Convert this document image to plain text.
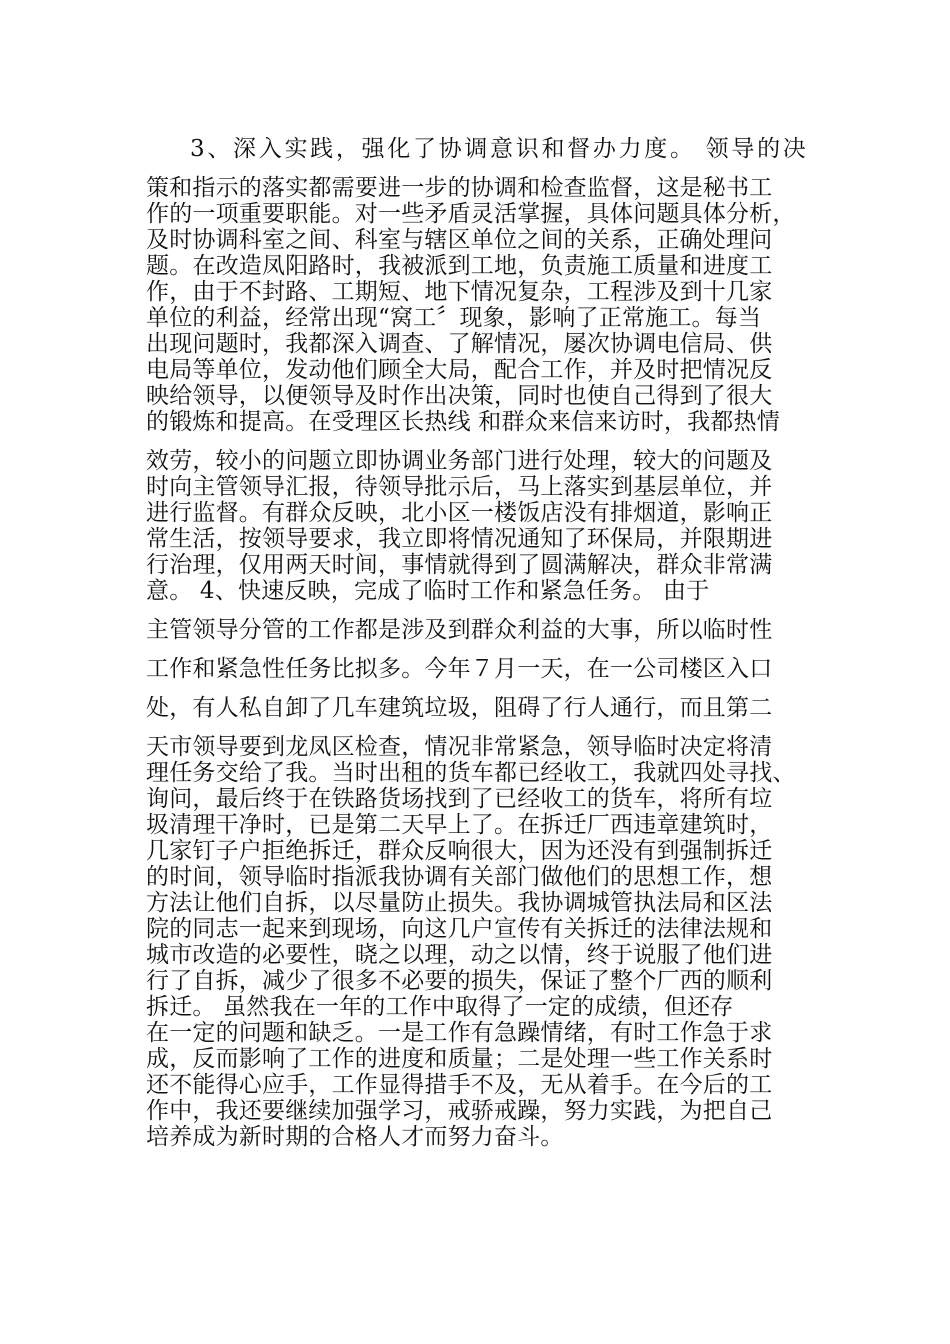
3、深入实践，强化了协调意识和督办力度。 领导的决
策和指示的落实都需要进一步的协调和检查监督，这是秘书工
作的一项重要职能。对一些矛盾灵活掌握，具体问题具体分析，
及时协调科室之间、科室与辖区单位之间的关系，正确处理问
题。在改造凤阳路时，我被派到工地，负责施工质量和进度工
作，由于不封路、工期短、地下情况复杂，工程涉及到十几家
单位的利益，经常出现“窝工〞现象，影响了正常施工。每当
出现问题时，我都深入调查、了解情况，屡次协调电信局、供
电局等单位，发动他们顾全大局，配合工作，并及时把情况反
映给领导，以便领导及时作出决策，同时也使自己得到了很大
的锻炼和提高。在受理区长热线 和群众来信来访时，我都热情
效劳，较小的问题立即协调业务部门进行处理，较大的问题及
时向主管领导汇报，待领导批示后，马上落实到基层单位，并
进行监督。有群众反映，北小区一楼饭店没有排烟道，影响正
常生活，按领导要求，我立即将情况通知了环保局，并限期进
行治理，仅用两天时间，事情就得到了圆满解决，群众非常满
意。 4、快速反映，完成了临时工作和紧急任务。 由于
主管领导分管的工作都是涉及到群众利益的大事，所以临时性
工作和紧急性任务比拟多。今年７月一天，在一公司楼区入口
处，有人私自卸了几车建筑垃圾，阻碍了行人通行，而且第二
天市领导要到龙凤区检查，情况非常紧急，领导临时决定将清
理任务交给了我。当时出租的货车都已经收工，我就四处寻找、
询问，最后终于在铁路货场找到了已经收工的货车，将所有垃
圾清理干净时，已是第二天早上了。在拆迁厂西违章建筑时，
几家钉子户拒绝拆迁，群众反响很大，因为还没有到强制拆迁
的时间，领导临时指派我协调有关部门做他们的思想工作，想
方法让他们自拆，以尽量防止损失。我协调城管执法局和区法
院的同志一起来到现场，向这几户宣传有关拆迁的法律法规和
城市改造的必要性，晓之以理，动之以情，终于说服了他们进
行了自拆，减少了很多不必要的损失，保证了整个厂西的顺利
拆迁。 虽然我在一年的工作中取得了一定的成绩，但还存
在一定的问题和缺乏。一是工作有急躁情绪，有时工作急于求
成，反而影响了工作的进度和质量；二是处理一些工作关系时
还不能得心应手，工作显得措手不及，无从着手。在今后的工
作中，我还要继续加强学习，戒骄戒躁，努力实践，为把自己
培养成为新时期的合格人才而努力奋斗。
